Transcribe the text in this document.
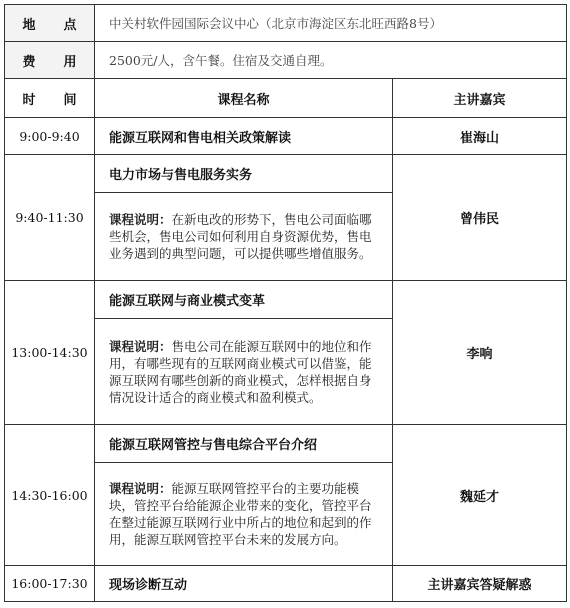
地 点	中关村软件园国际会议中心（北京市海淀区东北旺西路8号）	
费 用	2500元/人，含午餐。住宿及交通自理。	
时 间	课程名称	主讲嘉宾
9:00-9:40	能源互联网和售电相关政策解读	崔海山
9:40-11:30	电力市场与售电服务实务	曾伟民
	课程说明：在新电改的形势下，售电公司面临哪些机会，售电公司如何利用自身资源优势，售电业务遇到的典型问题，可以提供哪些增值服务。	
13:00-14:30	能源互联网与商业模式变革	李响
	课程说明：售电公司在能源互联网中的地位和作用，有哪些现有的互联网商业模式可以借鉴，能源互联网有哪些创新的商业模式，怎样根据自身情况设计适合的商业模式和盈利模式。	
14:30-16:00	能源互联网管控与售电综合平台介绍	魏延才
	课程说明：能源互联网管控平台的主要功能模块，管控平台给能源企业带来的变化，管控平台在整过能源互联网行业中所占的地位和起到的作用，能源互联网管控平台未来的发展方向。	
16:00-17:30	现场诊断互动	主讲嘉宾答疑解惑
